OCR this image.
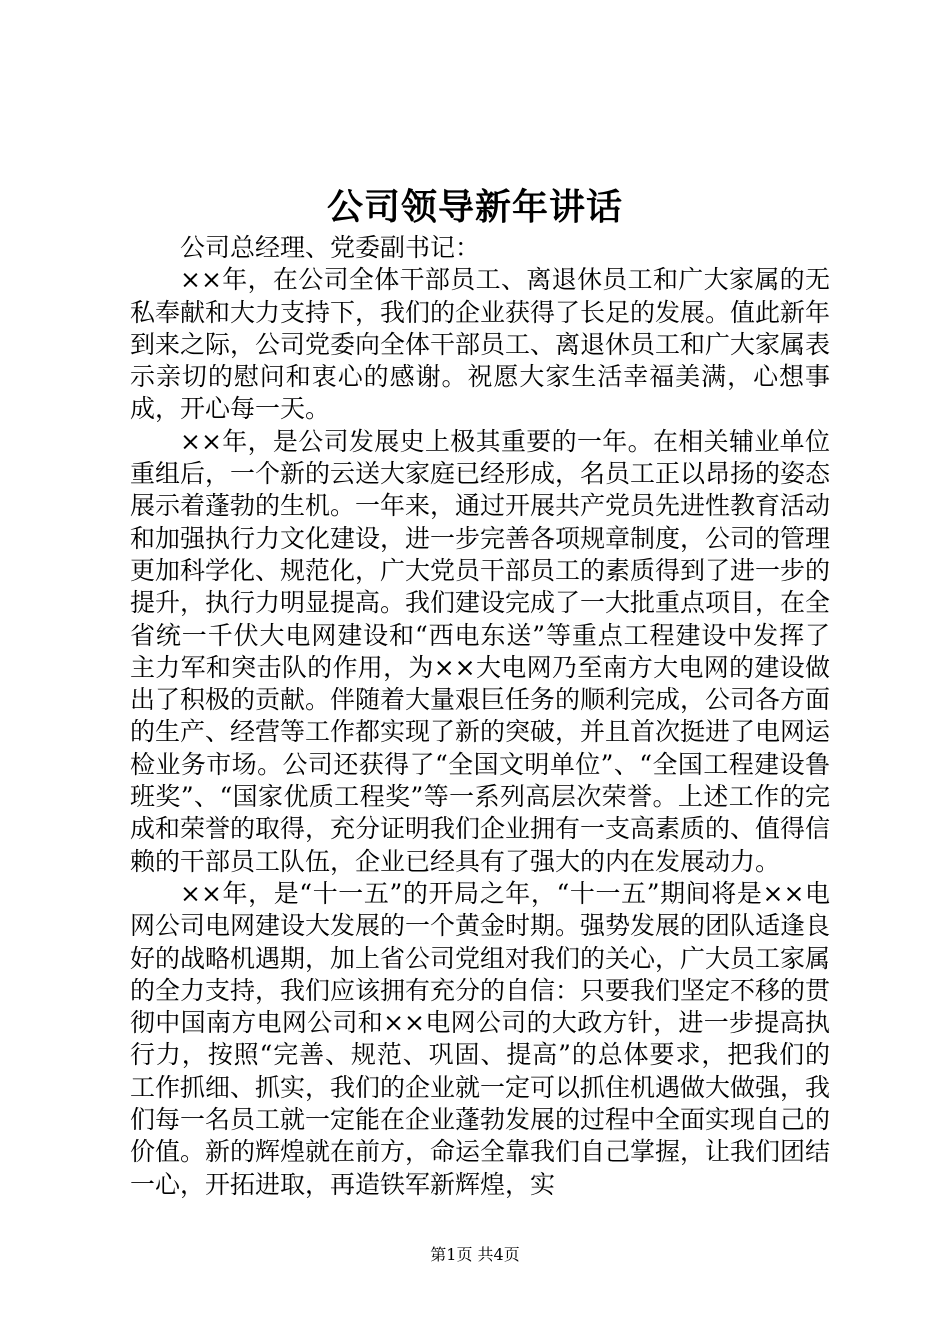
公司领导新年讲话

公司总经理、党委副书记：

××年，在公司全体干部员工、离退休员工和广大家属的无私奉献和大力支持下，我们的企业获得了长足的发展。值此新年到来之际，公司党委向全体干部员工、离退休员工和广大家属表示亲切的慰问和衷心的感谢。祝愿大家生活幸福美满，心想事成，开心每一天。

××年，是公司发展史上极其重要的一年。在相关辅业单位重组后，一个新的云送大家庭已经形成，名员工正以昂扬的姿态展示着蓬勃的生机。一年来，通过开展共产党员先进性教育活动和加强执行力文化建设，进一步完善各项规章制度，公司的管理更加科学化、规范化，广大党员干部员工的素质得到了进一步的提升，执行力明显提高。我们建设完成了一大批重点项目，在全省统一千伏大电网建设和“西电东送”等重点工程建设中发挥了主力军和突击队的作用，为××大电网乃至南方大电网的建设做出了积极的贡献。伴随着大量艰巨任务的顺利完成，公司各方面的生产、经营等工作都实现了新的突破，并且首次挺进了电网运检业务市场。公司还获得了“全国文明单位”、“全国工程建设鲁班奖”、“国家优质工程奖”等一系列高层次荣誉。上述工作的完成和荣誉的取得，充分证明我们企业拥有一支高素质的、值得信赖的干部员工队伍，企业已经具有了强大的内在发展动力。

××年，是“十一五”的开局之年，“十一五”期间将是××电网公司电网建设大发展的一个黄金时期。强势发展的团队适逢良好的战略机遇期，加上省公司党组对我们的关心，广大员工家属的全力支持，我们应该拥有充分的自信：只要我们坚定不移的贯彻中国南方电网公司和××电网公司的大政方针，进一步提高执行力，按照“完善、规范、巩固、提高”的总体要求，把我们的工作抓细、抓实，我们的企业就一定可以抓住机遇做大做强，我们每一名员工就一定能在企业蓬勃发展的过程中全面实现自己的价值。新的辉煌就在前方，命运全靠我们自己掌握，让我们团结一心，开拓进取，再造铁军新辉煌，实

第1页 共4页
